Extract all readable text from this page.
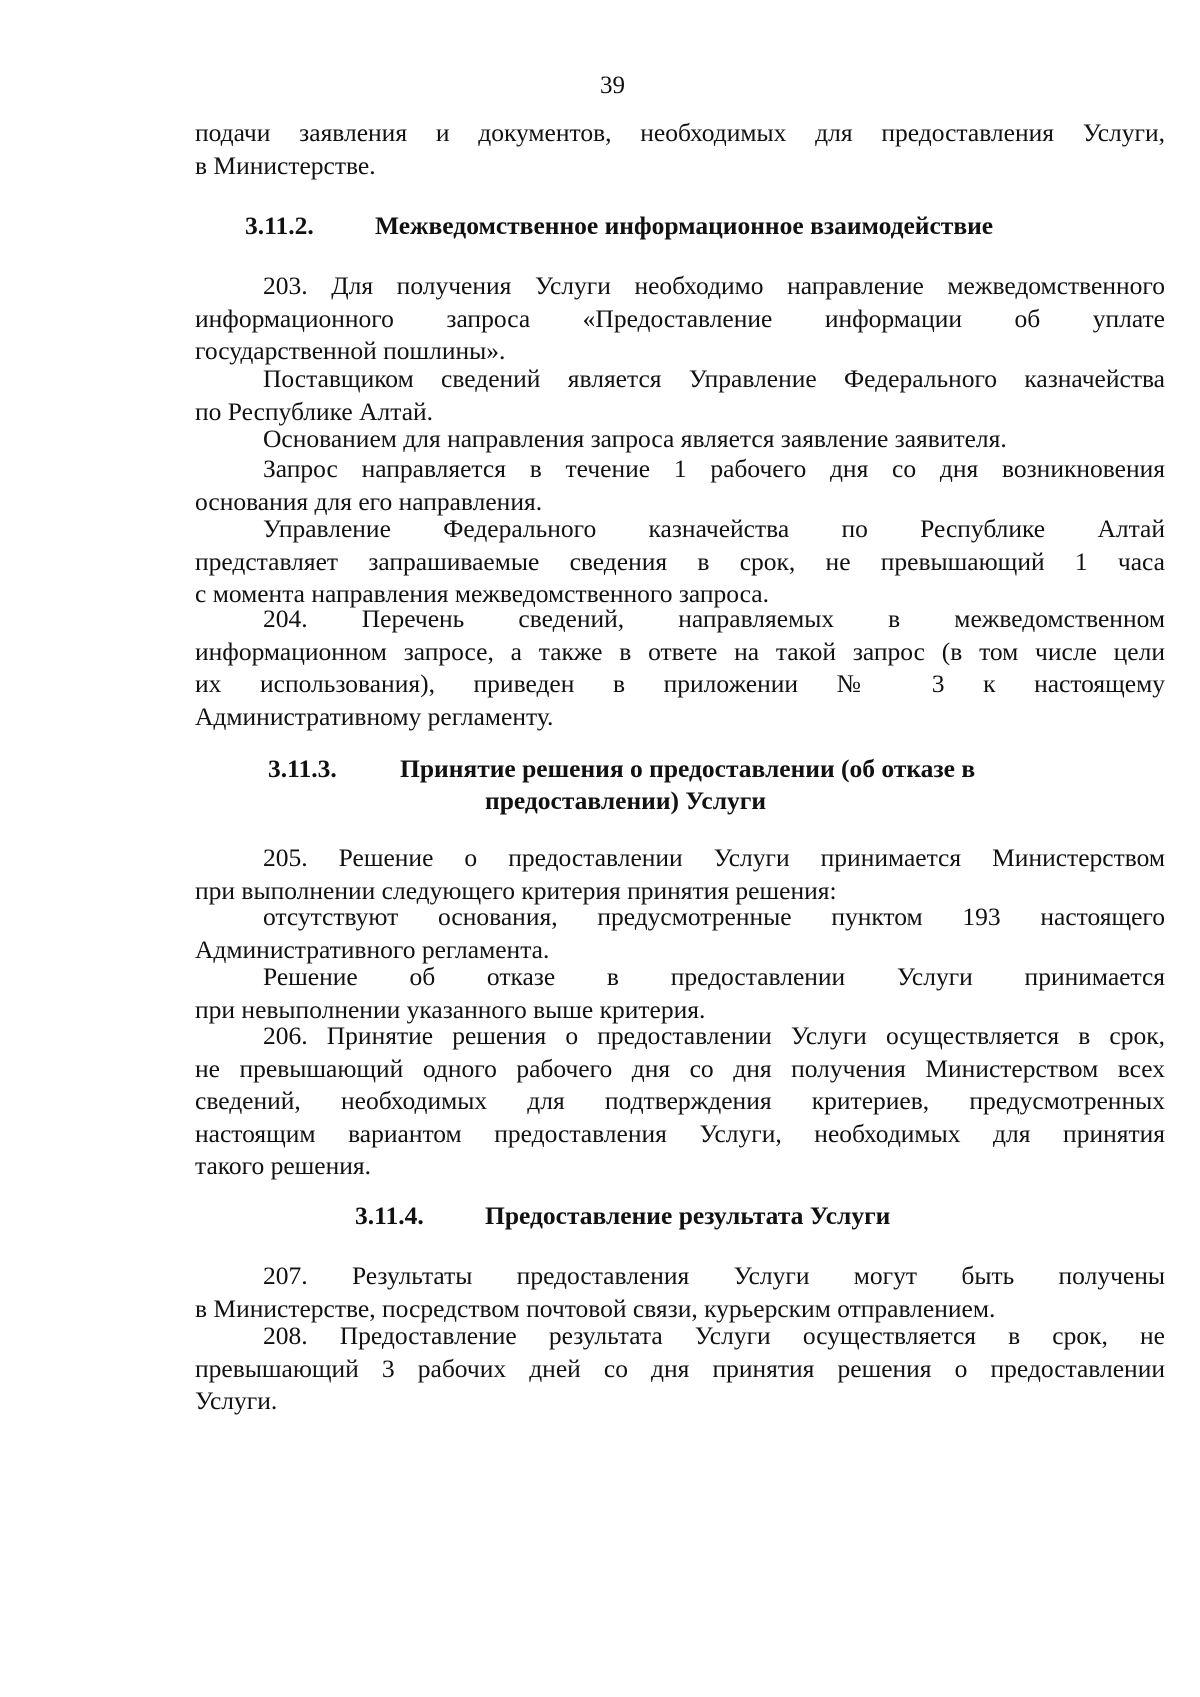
39

подачи заявления и документов, необходимых для предоставления Услуги,

в Министерстве.

3.11.2. Межведомственное информационное взаимодействие

203. Для получения Услуги необходимо направление межведомственного

информационного запроса «Предоставление информации об уплате

государственной пошлины».

Поставщиком сведений является Управление Федерального казначейства

по Республике Алтай.

Основанием для направления запроса является заявление заявителя.

Запрос направляется в течение 1 рабочего дня со дня возникновения

основания для его направления.

Управление Федерального казначейства по Республике Алтай

представляет запрашиваемые сведения в срок, не превышающий 1 часа

с момента направления межведомственного запроса.

204. Перечень сведений, направляемых в межведомственном

информационном запросе, а также в ответе на такой запрос (в том числе цели

их использования), приведен в приложении № 3 к настоящему

Административному регламенту.

3.11.3. Принятие решения о предоставлении (об отказе в
предоставлении) Услуги

205. Решение о предоставлении Услуги принимается Министерством

при выполнении следующего критерия принятия решения:

отсутствуют основания, предусмотренные пунктом 193 настоящего

Административного регламента.

Решение об отказе в предоставлении Услуги принимается

при невыполнении указанного выше критерия.

206. Принятие решения о предоставлении Услуги осуществляется в срок,

не превышающий одного рабочего дня со дня получения Министерством всех

сведений, необходимых для подтверждения критериев, предусмотренных

настоящим вариантом предоставления Услуги, необходимых для принятия

такого решения.

3.11.4. Предоставление результата Услуги

207. Результаты предоставления Услуги могут быть получены

в Министерстве, посредством почтовой связи, курьерским отправлением.

208. Предоставление результата Услуги осуществляется в срок, не

превышающий 3 рабочих дней со дня принятия решения о предоставлении

Услуги.
